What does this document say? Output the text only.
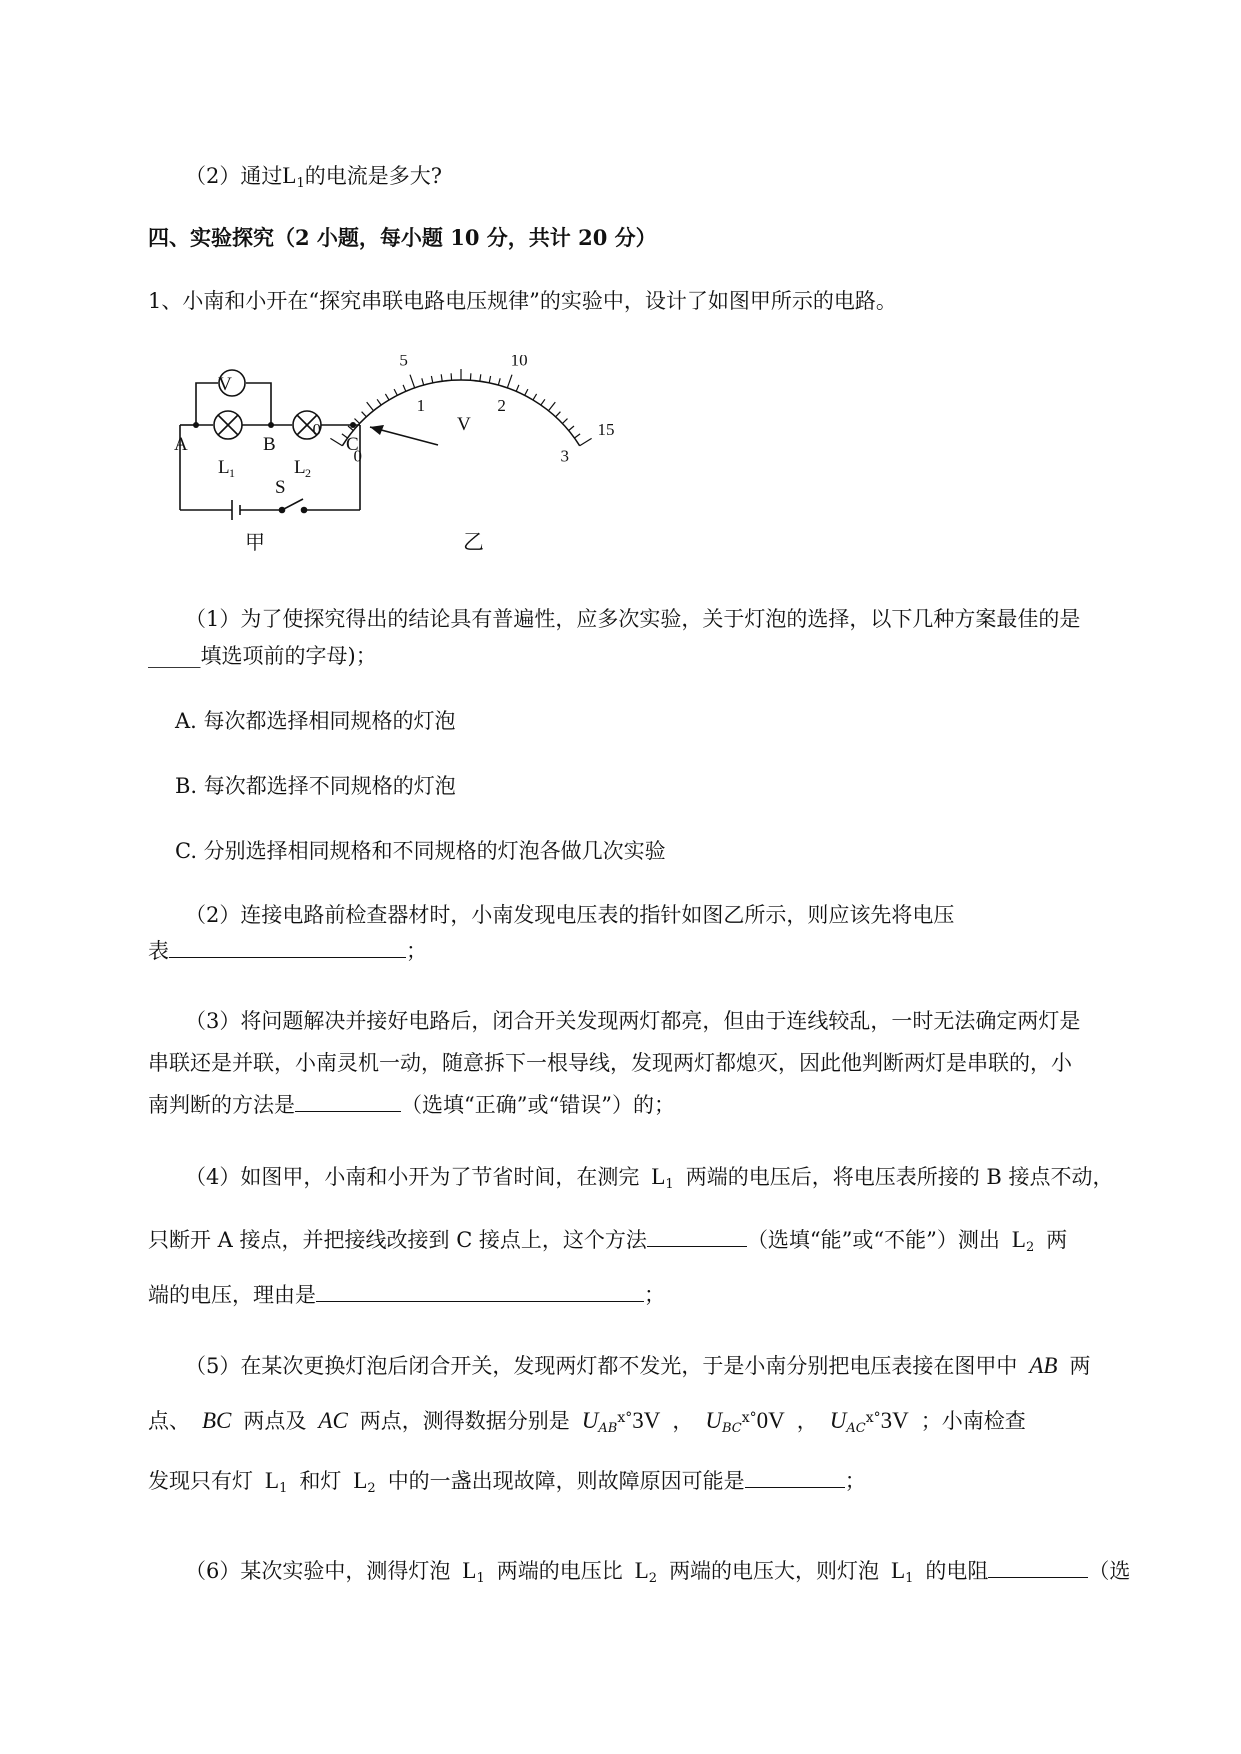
（2）通过$L_1$的电流是多大?
四、实验探究（2 小题，每小题 10 分，共计 20 分）
1、小南和小开在“探究串联电路电压规律”的实验中，设计了如图甲所示的电路。
V
A	B	C
L 1	L 2
S
甲
0
5	10
15
0
1	2
3
V
乙
（1）为了使探究得出的结论具有普遍性，应多次实验，关于灯泡的选择，以下几种方案最佳的是
_____填选项前的字母)；
A. 每次都选择相同规格的灯泡
B. 每次都选择不同规格的灯泡
C. 分别选择相同规格和不同规格的灯泡各做几次实验
（2）连接电路前检查器材时，小南发现电压表的指针如图乙所示，则应该先将电压
表	；
（3）将问题解决并接好电路后，闭合开关发现两灯都亮，但由于连线较乱，一时无法确定两灯是
串联还是并联，小南灵机一动，随意拆下一根导线，发现两灯都熄灭，因此他判断两灯是串联的，小
南判断的方法是	（选填“正确”或“错误”）的；
（4）如图甲，小南和小开为了节省时间，在测完 $L_1$ 两端的电压后，将电压表所接的 B 接点不动，
只断开 A 接点，并把接线改接到 C 接点上，这个方法	（选填“能”或“不能”）测出 $L_2$ 两
端的电压，理由是	；
（5）在某次更换灯泡后闭合开关，发现两灯都不发光，于是小南分别把电压表接在图甲中 AB 两
点、 BC 两点及 AC 两点，测得数据分别是 $U_{AB}^{x^\circ}3V$ ， $U_{BC}^{x^\circ}0V$ ， $U_{AC}^{x^\circ}3V$ ；小南检查
发现只有灯 $L_1$ 和灯 $L_2$ 中的一盏出现故障，则故障原因可能是	；
（6）某次实验中，测得灯泡 $L_1$ 两端的电压比 $L_2$ 两端的电压大，则灯泡 $L_1$ 的电阻	（选
